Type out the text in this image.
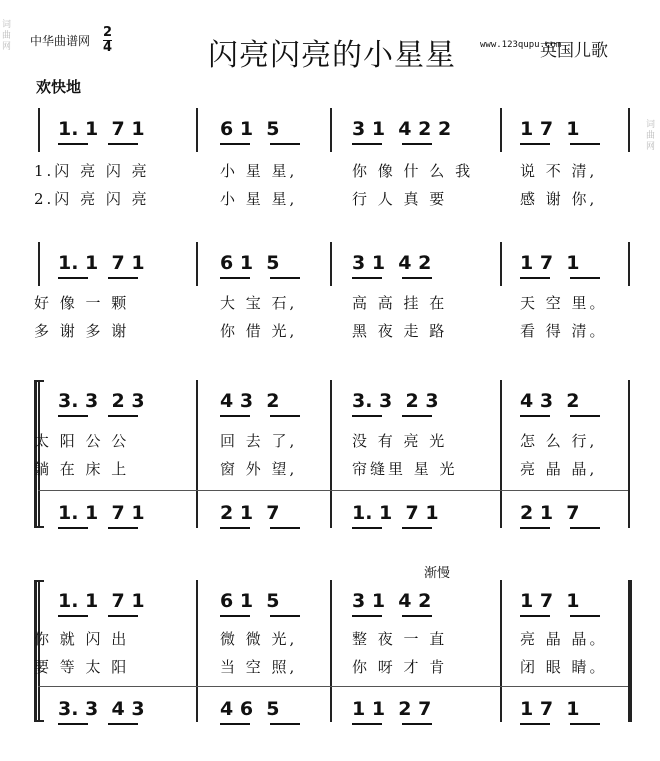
词曲网
词曲网
中华曲谱网
2
4	闪亮闪亮的小星星	www.123qupu.com
英国儿歌
欢快地
渐慢
1. 1  7 1	6 1  5	3 1  4 2 2	1 7  1
1.闪 亮 闪 亮	小 星 星,	你 像 什 么 我	说 不 清,
2.闪 亮 闪 亮	小 星 星,	行 人 真 要	感 谢 你,
1. 1  7 1	6 1  5	3 1  4 2	1 7  1
好 像 一 颗	大 宝 石,	高 高 挂 在	天 空 里。
多 谢 多 谢	你 借 光,	黑 夜 走 路	看 得 清。
3. 3  2 3	4 3  2	3. 3  2 3	4 3  2
太 阳 公 公	回 去 了,	没 有 亮 光	怎 么 行,
躺 在 床 上	窗 外 望,	帘缝里 星 光	亮 晶 晶,
1. 1  7 1	2 1  7	1. 1  7 1	2 1  7
1. 1  7 1	6 1  5	3 1  4 2	1 7  1
你 就 闪 出	微 微 光,	整 夜 一 直	亮 晶 晶。
要 等 太 阳	当 空 照,	你 呀 才 肯	闭 眼 睛。
3. 3  4 3	4 6  5	1 1  2 7	1 7  1
